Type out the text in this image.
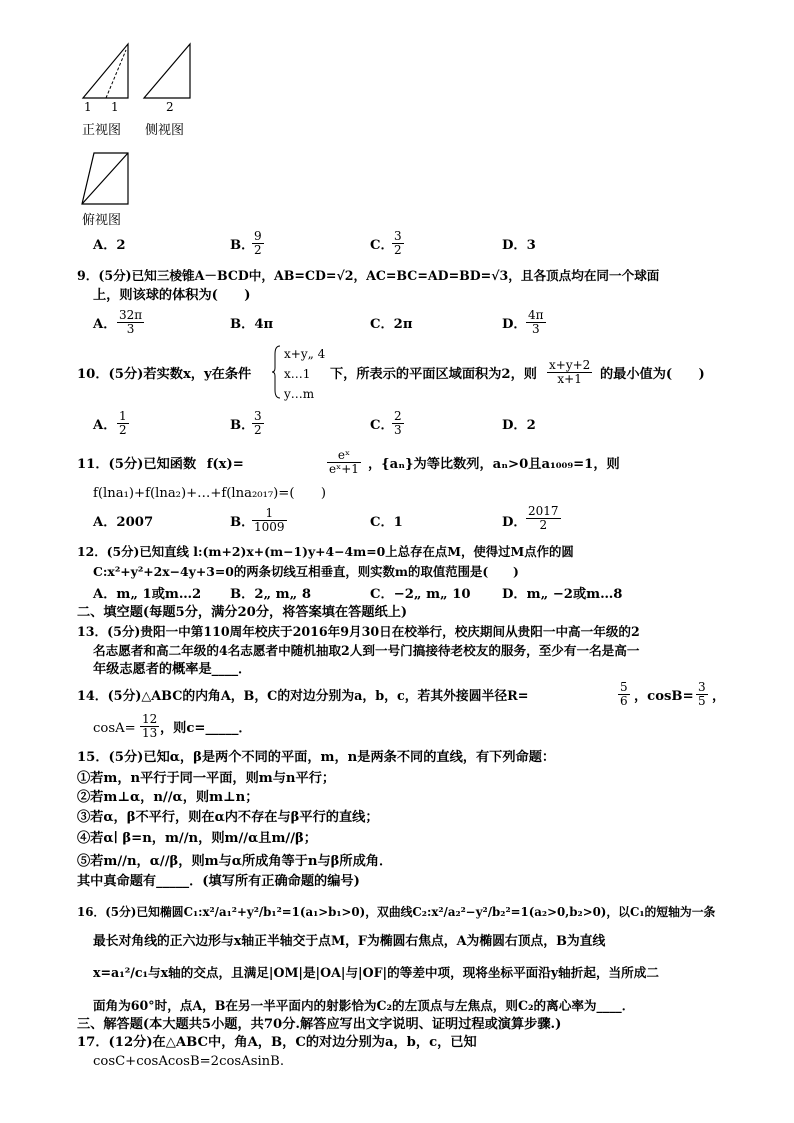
1 1	2
正视图 侧视图
俯视图
A．2	B．
$\frac{9}{2}$	C．
$\frac{3}{2}$	D．3
9．(5分)已知三棱锥A－BCD中，AB=CD=√2，AC=BC=AD=BD=√3，且各顶点均在同一个球面
上，则该球的体积为(　　)
A． $\frac{32\pi}{3}$	B．4π	C．2π	D． $\frac{4\pi}{3}$
10．(5分)若实数x，y在条件
x+y„ 4
x…1
y…m
下，所表示的平面区域面积为2，则 $\frac{x+y+2}{x+1}$ 的最小值为(　　)
A． $\frac{1}{2}$	B．
$\frac{3}{2}$	C．
$\frac{2}{3}$	D．2
11．(5分)已知函数 f(x)=	$\frac{\text{eˣ}}{\text{eˣ+1}}$ ，{aₙ}为等比数列，aₙ>0且a₁₀₀₉=1，则
f(lna₁)+f(lna₂)+…+f(lna₂₀₁₇)=(　　)
A．2007	B．
$\frac{1}{1009}$	C．1	D． $\frac{2017}{2}$
12．(5分)已知直线 l:(m+2)x+(m−1)y+4−4m=0上总存在点M，使得过M点作的圆
C:x²+y²+2x−4y+3=0的两条切线互相垂直，则实数m的取值范围是(　　)
A．m„ 1或m…2 B．2„ m„ 8	C．−2„ m„ 10 D．m„ −2或m…8
二、填空题(每题5分，满分20分，将答案填在答题纸上)
13．(5分)贵阳一中第110周年校庆于2016年9月30日在校举行，校庆期间从贵阳一中高一年级的2
名志愿者和高二年级的4名志愿者中随机抽取2人到一号门搞接待老校友的服务，至少有一名是高一
年级志愿者的概率是____．
14．(5分)△ABC的内角A，B，C的对边分别为a，b，c，若其外接圆半径R=	$\frac{5}{6}$ ，$\cos B= \frac{3}{5}$ ，
$\cos A= \frac{12}{13}$ ，则c=_____．
15．(5分)已知α，β是两个不同的平面，m，n是两条不同的直线，有下列命题：
①若m，n平行于同一平面，则m与n平行；
②若m⊥α，n//α，则m⊥n；
③若α，β不平行，则在α内不存在与β平行的直线；
④若α∣ β=n，m//n，则m//α且m//β；
⑤若m//n，α//β，则m与α所成角等于n与β所成角．
其中真命题有_____．(填写所有正确命题的编号)
16．(5分)已知椭圆C₁:x²/a₁²+y²/b₁²=1(a₁>b₁>0)，双曲线C₂:x²/a₂²−y²/b₂²=1(a₂>0,b₂>0)，以C₁的短轴为一条
最长对角线的正六边形与x轴正半轴交于点M，F为椭圆右焦点，A为椭圆右顶点，B为直线
x=a₁²/c₁与x轴的交点，且满足|OM|是|OA|与|OF|的等差中项，现将坐标平面沿y轴折起，当所成二
面角为60°时，点A，B在另一半平面内的射影恰为C₂的左顶点与左焦点，则C₂的离心率为____．
三、解答题(本大题共5小题，共70分.解答应写出文字说明、证明过程或演算步骤.)
17．(12分)在△ABC中，角A，B，C的对边分别为a，b，c，已知
cosC+cosAcosB=2cosAsinB.
